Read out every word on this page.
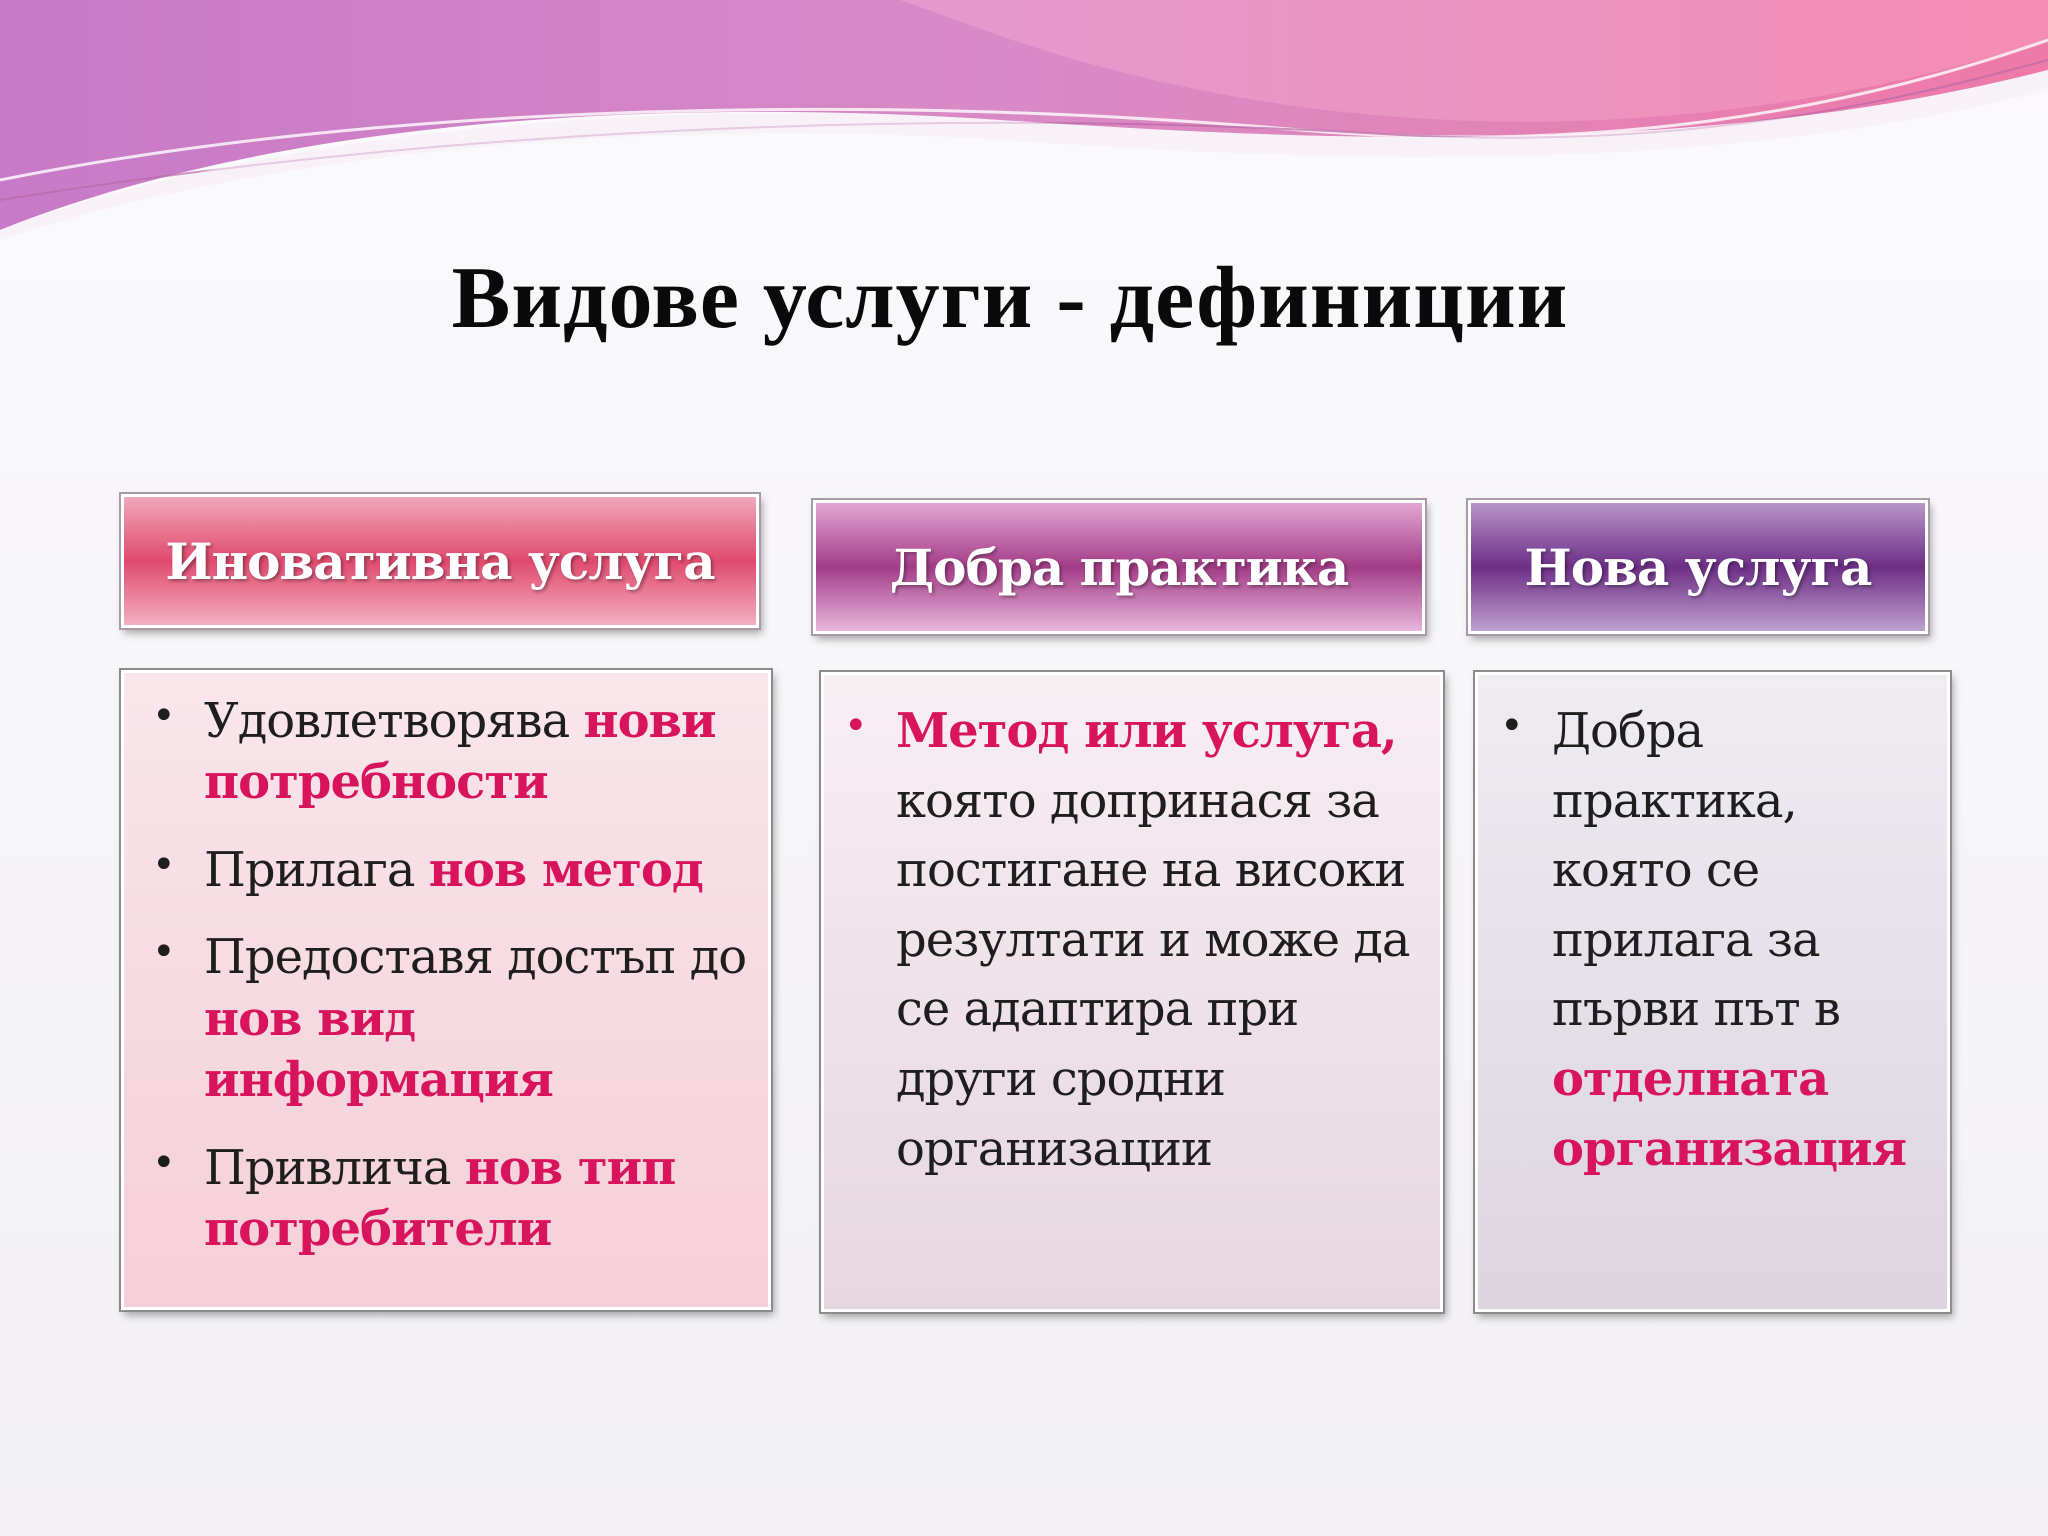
Видове услуги - дефиниции
Иновативна услуга	Добра практика	Нова услуга
• Удовлетворява нови потребности
• Прилага нов метод
• Предоставя достъп до нов вид информация
• Привлича нов тип потребители
• Метод или услуга, която допринася за постигане на високи резултати и може да се адаптира при други сродни организации
• Добра практика, която се прилага за първи път в отделната организация
